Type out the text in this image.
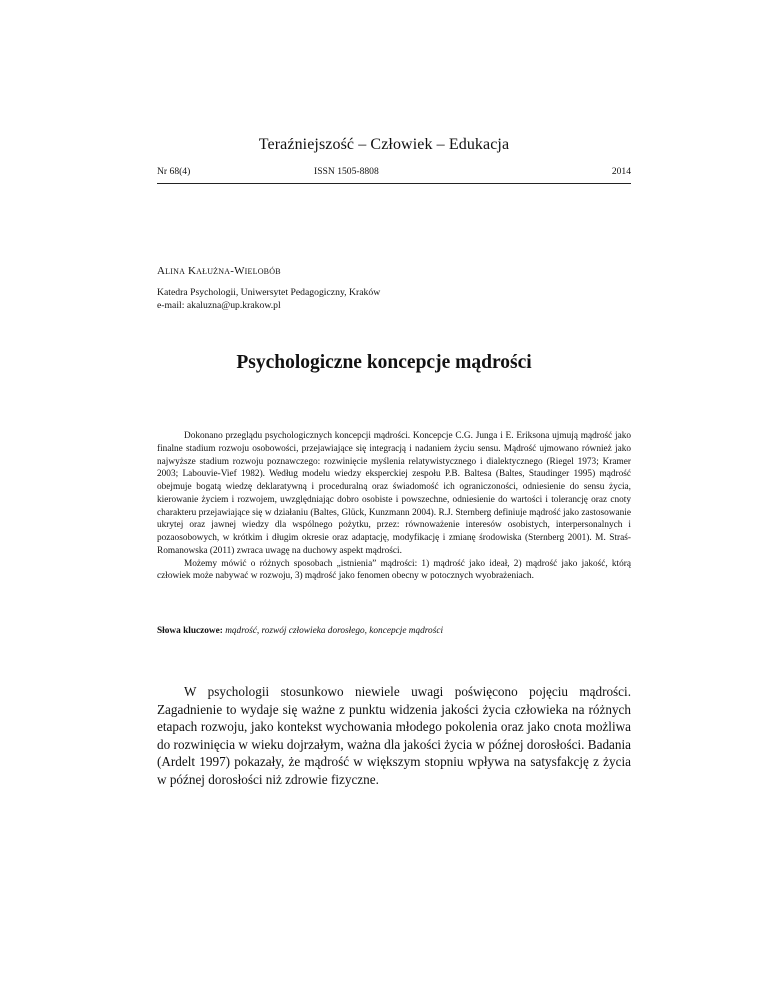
Teraźniejszość – Człowiek – Edukacja
Nr 68(4)	ISSN 1505-8808	2014
Alina Kałużna-Wielobób
Katedra Psychologii, Uniwersytet Pedagogiczny, Kraków
e-mail: akaluzna@up.krakow.pl
Psychologiczne koncepcje mądrości

Dokonano przeglądu psychologicznych koncepcji mądrości. Koncepcje C.G. Junga i E. Eriksona ujmują mądrość jako finalne stadium rozwoju osobowości, przejawiające się integracją i nadaniem życiu sensu. Mądrość ujmowano również jako najwyższe stadium rozwoju poznawczego: rozwinięcie myślenia relatywistycznego i dialektycznego (Riegel 1973; Kramer 2003; Labouvie-Vief 1982). Według modelu wiedzy eksperckiej zespołu P.B. Baltesa (Baltes, Staudinger 1995) mądrość obejmuje bogatą wiedzę deklaratywną i proceduralną oraz świadomość ich ograniczoności, odniesienie do sensu życia, kierowanie życiem i rozwojem, uwzględniając dobro osobiste i powszechne, odniesienie do wartości i tolerancję oraz cnoty charakteru przejawiające się w działaniu (Baltes, Glück, Kunzmann 2004). R.J. Sternberg definiuje mądrość jako zastosowanie ukrytej oraz jawnej wiedzy dla wspólnego pożytku, przez: równoważenie interesów osobistych, interpersonalnych i pozaosobowych, w krótkim i długim okresie oraz adaptację, modyfikację i zmianę środowiska (Sternberg 2001). M. Straś-Romanowska (2011) zwraca uwagę na duchowy aspekt mądrości.

Możemy mówić o różnych sposobach „istnienia” mądrości: 1) mądrość jako ideał, 2) mądrość jako jakość, którą człowiek może nabywać w rozwoju, 3) mądrość jako fenomen obecny w potocznych wyobrażeniach.

Słowa kluczowe: mądrość, rozwój człowieka dorosłego, koncepcje mądrości

W psychologii stosunkowo niewiele uwagi poświęcono pojęciu mądrości. Zagadnienie to wydaje się ważne z punktu widzenia jakości życia człowieka na różnych etapach rozwoju, jako kontekst wychowania młodego pokolenia oraz jako cnota możliwa do rozwinięcia w wieku dojrzałym, ważna dla jakości życia w późnej dorosłości. Badania (Ardelt 1997) pokazały, że mądrość w większym stopniu wpływa na satysfakcję z życia w późnej dorosłości niż zdrowie fizyczne.
